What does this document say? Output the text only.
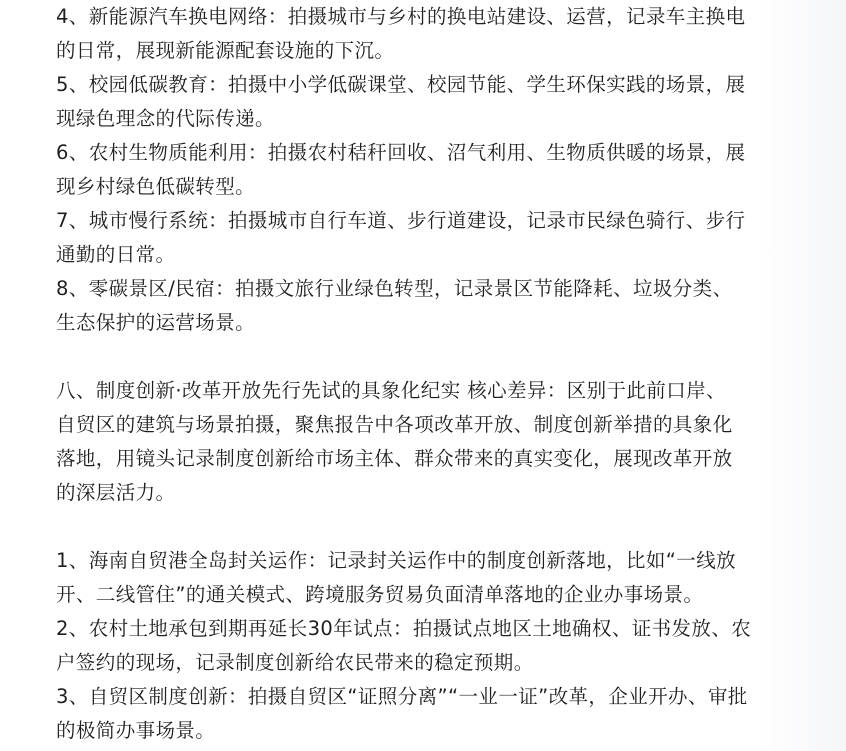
4、新能源汽车换电网络：拍摄城市与乡村的换电站建设、运营，记录车主换电
的日常，展现新能源配套设施的下沉。
5、校园低碳教育：拍摄中小学低碳课堂、校园节能、学生环保实践的场景，展
现绿色理念的代际传递。
6、农村生物质能利用：拍摄农村秸秆回收、沼气利用、生物质供暖的场景，展
现乡村绿色低碳转型。
7、城市慢行系统：拍摄城市自行车道、步行道建设，记录市民绿色骑行、步行
通勤的日常。
8、零碳景区/民宿：拍摄文旅行业绿色转型，记录景区节能降耗、垃圾分类、
生态保护的运营场景。
八、制度创新·改革开放先行先试的具象化纪实 核心差异：区别于此前口岸、
自贸区的建筑与场景拍摄，聚焦报告中各项改革开放、制度创新举措的具象化
落地，用镜头记录制度创新给市场主体、群众带来的真实变化，展现改革开放
的深层活力。
1、海南自贸港全岛封关运作：记录封关运作中的制度创新落地，比如“一线放
开、二线管住”的通关模式、跨境服务贸易负面清单落地的企业办事场景。
2、农村土地承包到期再延长30年试点：拍摄试点地区土地确权、证书发放、农
户签约的现场，记录制度创新给农民带来的稳定预期。
3、自贸区制度创新：拍摄自贸区“证照分离”“一业一证”改革，企业开办、审批
的极简办事场景。
